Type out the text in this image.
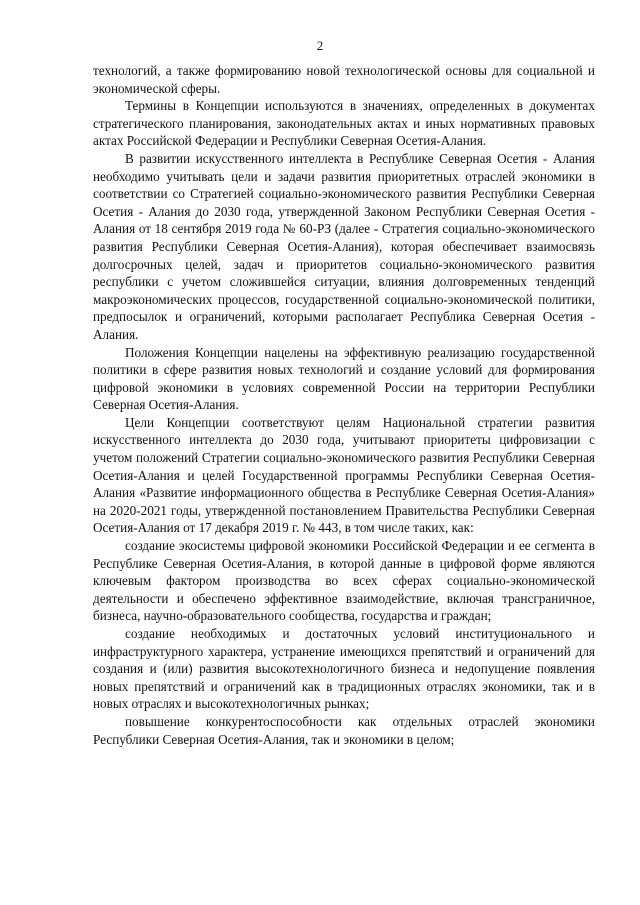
2

технологий, а также формированию новой технологической основы для социальной и экономической сферы.

Термины в Концепции используются в значениях, определенных в документах стратегического планирования, законодательных актах и иных нормативных правовых актах Российской Федерации и Республики Северная Осетия-Алания.

В развитии искусственного интеллекта в Республике Северная Осетия - Алания необходимо учитывать цели и задачи развития приоритетных отраслей экономики в соответствии со Стратегией социально-экономического развития Республики Северная Осетия - Алания до 2030 года, утвержденной Законом Республики Северная Осетия - Алания от 18 сентября 2019 года № 60-РЗ (далее - Стратегия социально-экономического развития Республики Северная Осетия-Алания), которая обеспечивает взаимосвязь долгосрочных целей, задач и приоритетов социально-экономического развития республики с учетом сложившейся ситуации, влияния долговременных тенденций макроэкономических процессов, государственной социально-экономической политики, предпосылок и ограничений, которыми располагает Республика Северная Осетия - Алания.

Положения Концепции нацелены на эффективную реализацию государственной политики в сфере развития новых технологий и создание условий для формирования цифровой экономики в условиях современной России на территории Республики Северная Осетия-Алания.

Цели Концепции соответствуют целям Национальной стратегии развития искусственного интеллекта до 2030 года, учитывают приоритеты цифровизации с учетом положений Стратегии социально-экономического развития Республики Северная Осетия-Алания и целей Государственной программы Республики Северная Осетия-Алания «Развитие информационного общества в Республике Северная Осетия-Алания» на 2020-2021 годы, утвержденной постановлением Правительства Республики Северная Осетия-Алания от 17 декабря 2019 г. № 443, в том числе таких, как:

создание экосистемы цифровой экономики Российской Федерации и ее сегмента в Республике Северная Осетия-Алания, в которой данные в цифровой форме являются ключевым фактором производства во всех сферах социально-экономической деятельности и обеспечено эффективное взаимодействие, включая трансграничное, бизнеса, научно-образовательного сообщества, государства и граждан;

создание необходимых и достаточных условий институционального и инфраструктурного характера, устранение имеющихся препятствий и ограничений для создания и (или) развития высокотехнологичного бизнеса и недопущение появления новых препятствий и ограничений как в традиционных отраслях экономики, так и в новых отраслях и высокотехнологичных рынках;

повышение конкурентоспособности как отдельных отраслей экономики Республики Северная Осетия-Алания, так и экономики в целом;
